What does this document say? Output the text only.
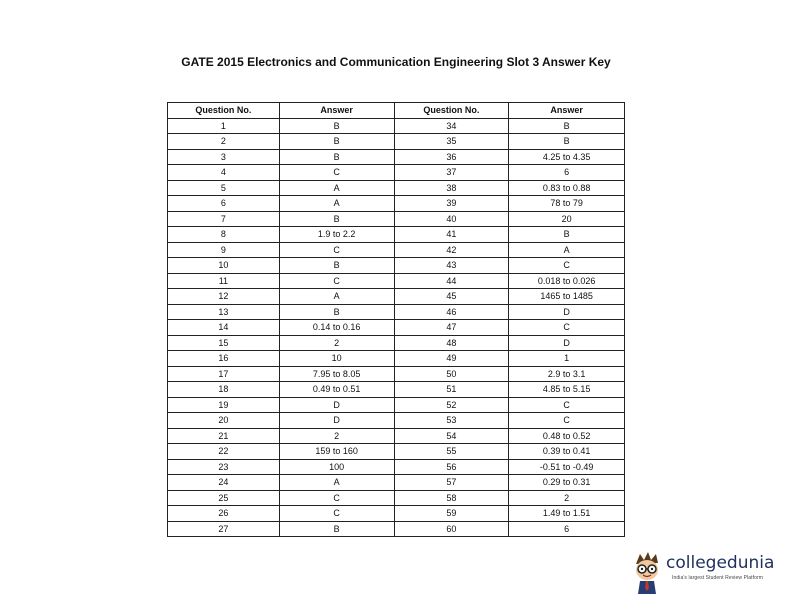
GATE 2015 Electronics and Communication Engineering Slot 3 Answer Key
Question No.	Answer	Question No.	Answer
1	B	34	B
2	B	35	B
3	B	36	4.25 to 4.35
4	C	37	6
5	A	38	0.83 to 0.88
6	A	39	78 to 79
7	B	40	20
8	1.9 to 2.2	41	B
9	C	42	A
10	B	43	C
11	C	44	0.018 to 0.026
12	A	45	1465 to 1485
13	B	46	D
14	0.14 to 0.16	47	C
15	2	48	D
16	10	49	1
17	7.95 to 8.05	50	2.9 to 3.1
18	0.49 to 0.51	51	4.85 to 5.15
19	D	52	C
20	D	53	C
21	2	54	0.48 to 0.52
22	159 to 160	55	0.39 to 0.41
23	100	56	-0.51 to -0.49
24	A	57	0.29 to 0.31
25	C	58	2
26	C	59	1.49 to 1.51
27	B	60	6
collegedunia
India's largest Student Review Platform
